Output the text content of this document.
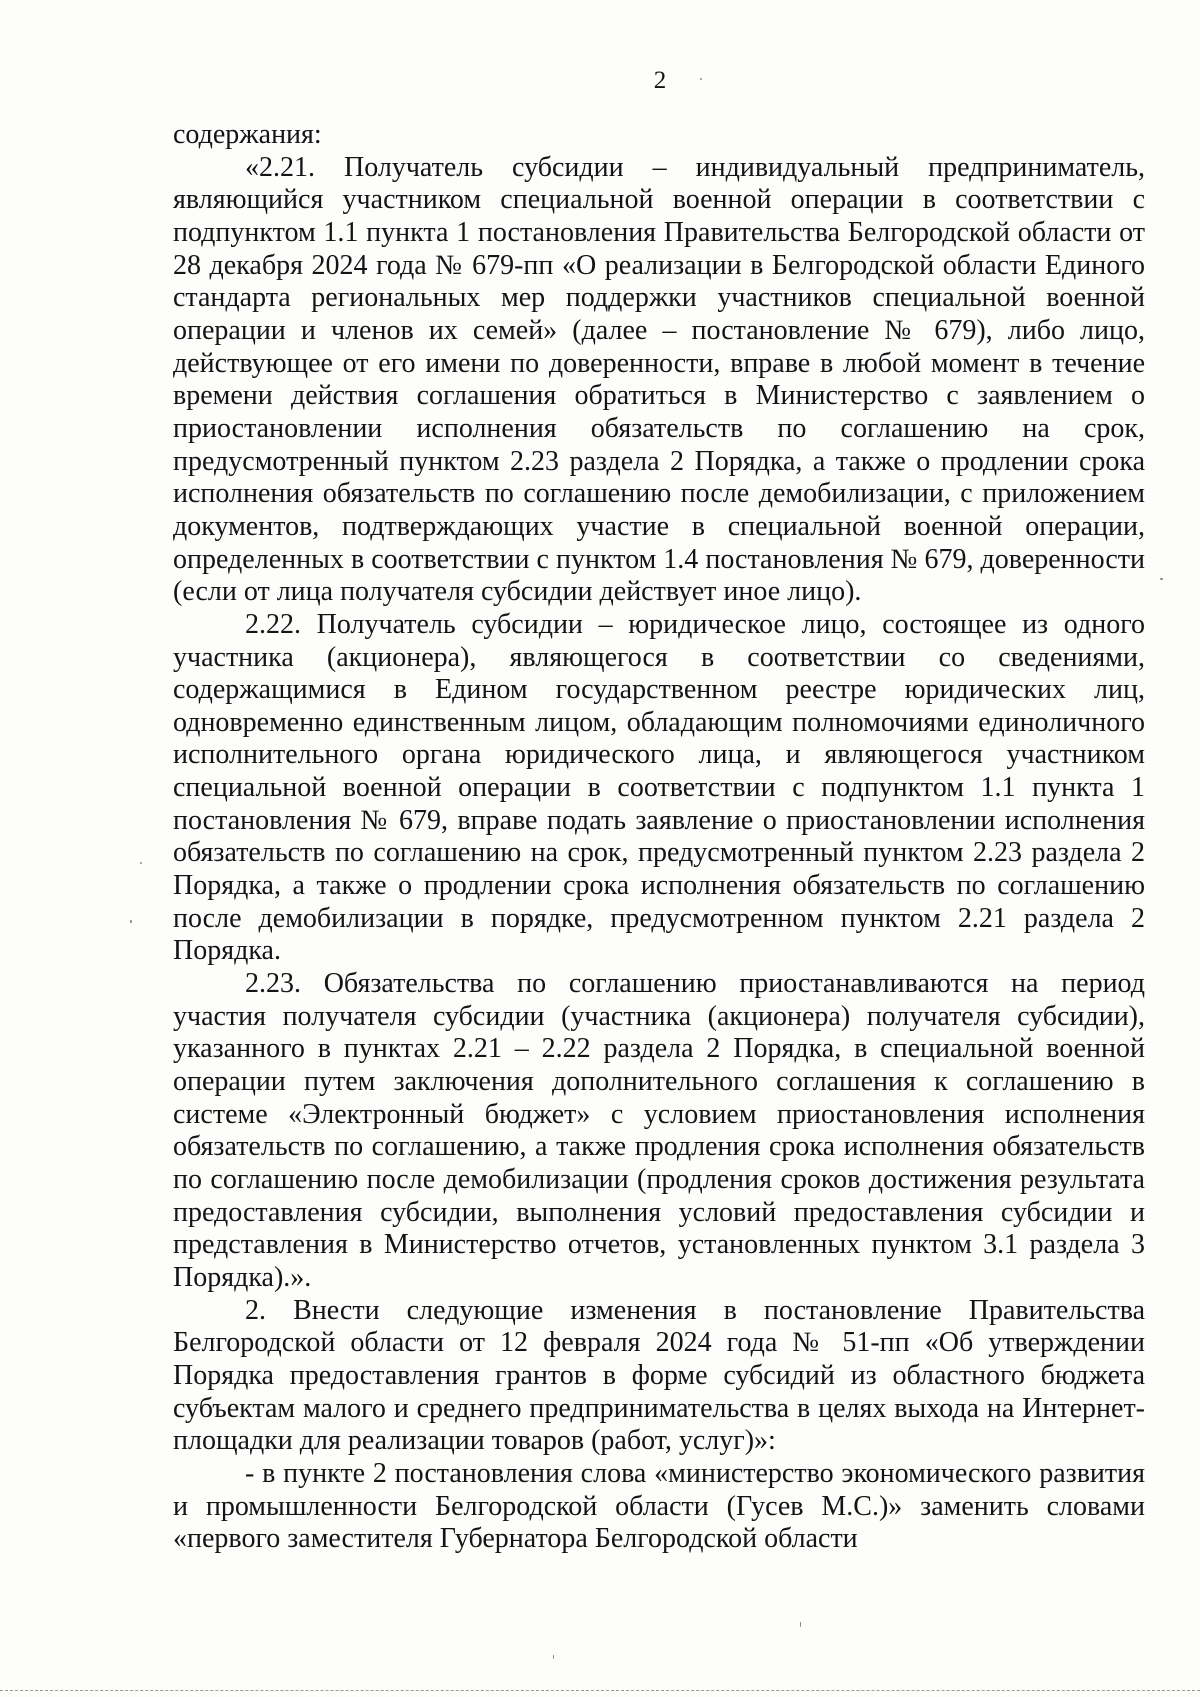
2

содержания:

«2.21. Получатель субсидии – индивидуальный предприниматель, являющийся участником специальной военной операции в соответствии с подпунктом 1.1 пункта 1 постановления Правительства Белгородской области от 28 декабря 2024 года № 679-пп «О реализации в Белгородской области Единого стандарта региональных мер поддержки участников специальной военной операции и членов их семей» (далее – постановление № 679), либо лицо, действующее от его имени по доверенности, вправе в любой момент в течение времени действия соглашения обратиться в Министерство с заявлением о приостановлении исполнения обязательств по соглашению на срок, предусмотренный пунктом 2.23 раздела 2 Порядка, а также о продлении срока исполнения обязательств по соглашению после демобилизации, с приложением документов, подтверждающих участие в специальной военной операции, определенных в соответствии с пунктом 1.4 постановления № 679, доверенности (если от лица получателя субсидии действует иное лицо).

2.22. Получатель субсидии – юридическое лицо, состоящее из одного участника (акционера), являющегося в соответствии со сведениями, содержащимися в Едином государственном реестре юридических лиц, одновременно единственным лицом, обладающим полномочиями единоличного исполнительного органа юридического лица, и являющегося участником специальной военной операции в соответствии с подпунктом 1.1 пункта 1 постановления № 679, вправе подать заявление о приостановлении исполнения обязательств по соглашению на срок, предусмотренный пунктом 2.23 раздела 2 Порядка, а также о продлении срока исполнения обязательств по соглашению после демобилизации в порядке, предусмотренном пунктом 2.21 раздела 2 Порядка.

2.23. Обязательства по соглашению приостанавливаются на период участия получателя субсидии (участника (акционера) получателя субсидии), указанного в пунктах 2.21 – 2.22 раздела 2 Порядка, в специальной военной операции путем заключения дополнительного соглашения к соглашению в системе «Электронный бюджет» с условием приостановления исполнения обязательств по соглашению, а также продления срока исполнения обязательств по соглашению после демобилизации (продления сроков достижения результата предоставления субсидии, выполнения условий предоставления субсидии и представления в Министерство отчетов, установленных пунктом 3.1 раздела 3 Порядка).».

2. Внести следующие изменения в постановление Правительства Белгородской области от 12 февраля 2024 года № 51-пп «Об утверждении Порядка предоставления грантов в форме субсидий из областного бюджета субъектам малого и среднего предпринимательства в целях выхода на Интернет-площадки для реализации товаров (работ, услуг)»:

- в пункте 2 постановления слова «министерство экономического развития и промышленности Белгородской области (Гусев М.С.)» заменить словами «первого заместителя Губернатора Белгородской области
